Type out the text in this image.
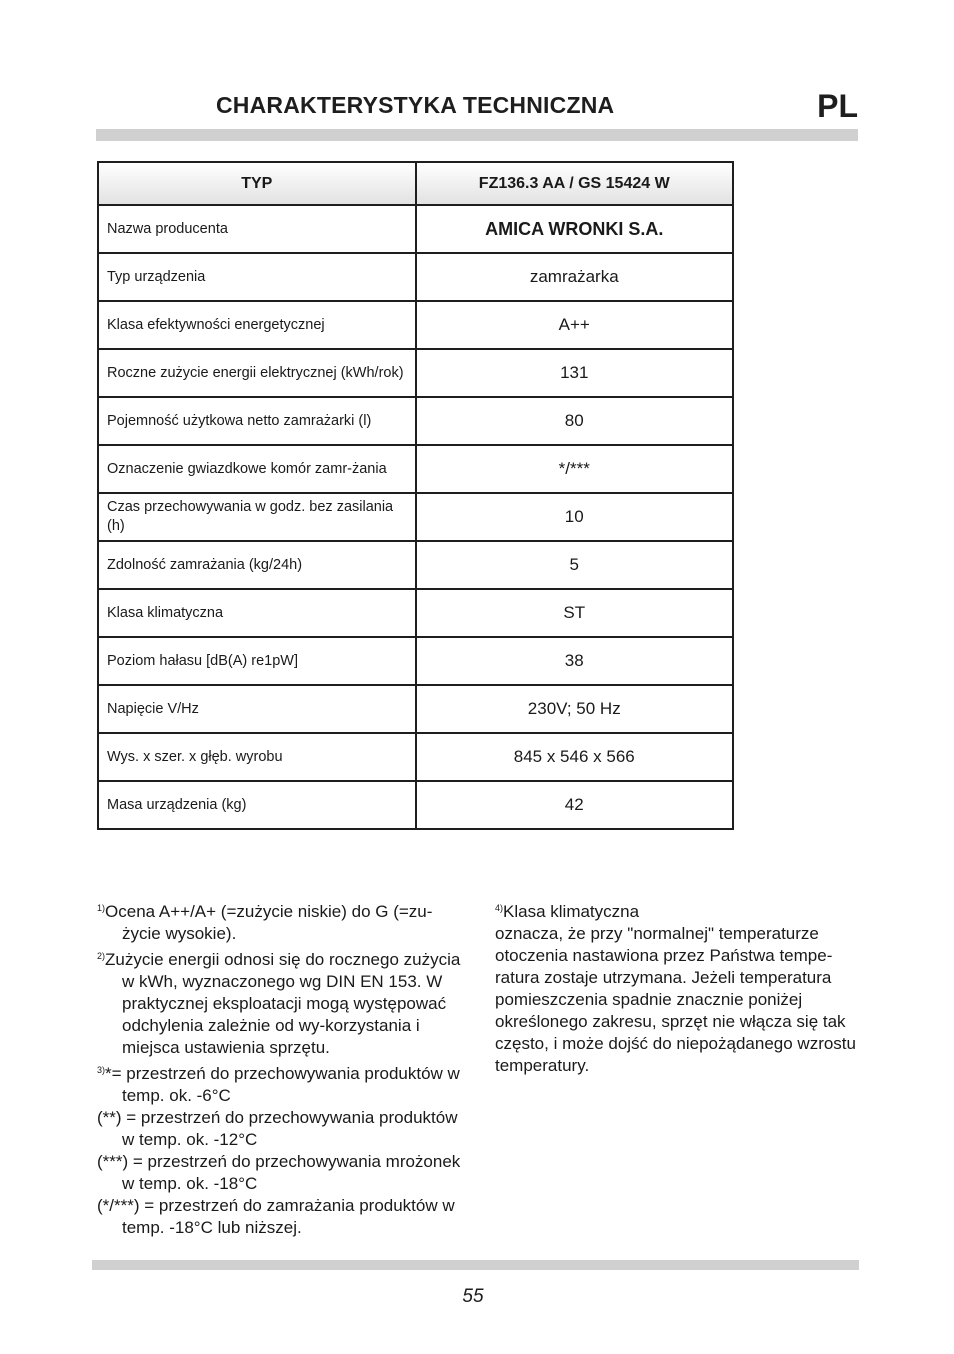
CHARAKTERYSTYKA TECHNICZNA	PL
TYP	FZ136.3 AA / GS 15424 W
Nazwa producenta	AMICA WRONKI S.A.
Typ urządzenia	zamrażarka
Klasa efektywności energetycznej	A++
Roczne zużycie energii elektrycznej (kWh/rok)	131
Pojemność użytkowa netto zamrażarki (l)	80
Oznaczenie gwiazdkowe komór zamr-żania	*/***
Czas przechowywania w godz. bez zasilania (h)	10
Zdolność zamrażania (kg/24h)	5
Klasa klimatyczna	ST
Poziom hałasu [dB(A) re1pW]	38
Napięcie V/Hz	230V; 50 Hz
Wys. x szer. x głęb. wyrobu	845 x 546 x 566
Masa urządzenia (kg)	42

$^{1)}$Ocena A++/A+ (=zużycie niskie) do G (=zu-życie wysokie).

$^{2)}$Zużycie energii odnosi się do rocznego zużycia w kWh, wyznaczonego wg DIN EN 153. W praktycznej eksploatacji mogą występować odchylenia zależnie od wy-korzystania i miejsca ustawienia sprzętu.

$^{3)}$*= przestrzeń do przechowywania produktów w temp. ok. -6°C

(**) = przestrzeń do przechowywania produktów w temp. ok. -12°C

(***) = przestrzeń do przechowywania mrożonek w temp. ok. -18°C

(*/***) = przestrzeń do zamrażania produktów w temp. -18°C lub niższej.

$^{4)}$Klasa klimatyczna

oznacza, że przy "normalnej" temperaturze otoczenia nastawiona przez Państwa tempe-ratura zostaje utrzymana. Jeżeli temperatura pomieszczenia spadnie znacznie poniżej określonego zakresu, sprzęt nie włącza się tak często, i może dojść do niepożądanego wzrostu temperatury.

55
